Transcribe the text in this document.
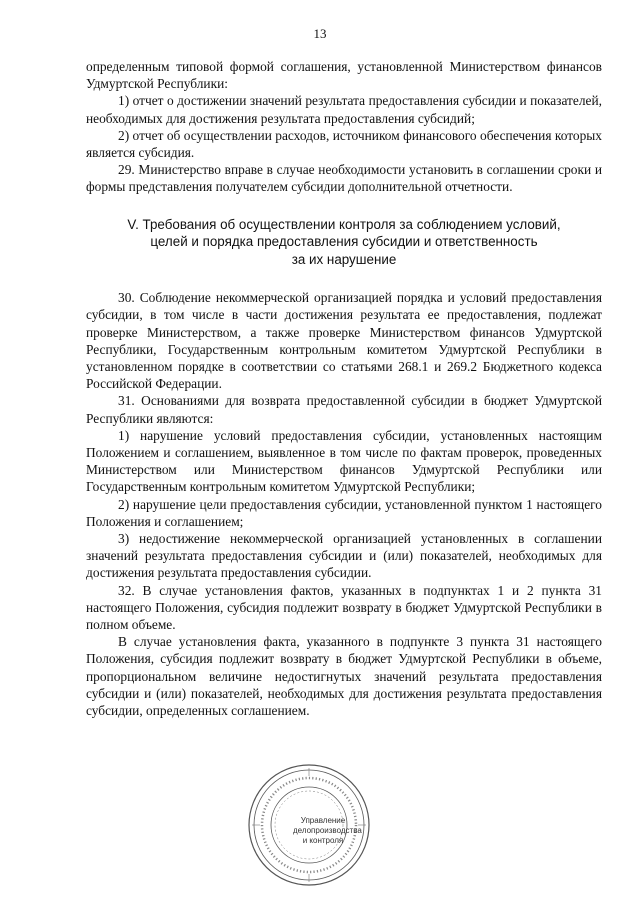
13

определенным типовой формой соглашения, установленной Министерством финансов Удмуртской Республики:

1) отчет о достижении значений результата предоставления субсидии и показателей, необходимых для достижения результата предоставления субсидий;

2) отчет об осуществлении расходов, источником финансового обеспечения которых является субсидия.

29. Министерство вправе в случае необходимости установить в соглашении сроки и формы представления получателем субсидии дополнительной отчетности.

V. Требования об осуществлении контроля за соблюдением условий,
целей и порядка предоставления субсидии и ответственность
за их нарушение

30. Соблюдение некоммерческой организацией порядка и условий предоставления субсидии, в том числе в части достижения результата ее предоставления, подлежат проверке Министерством, а также проверке Министерством финансов Удмуртской Республики, Государственным контрольным комитетом Удмуртской Республики в установленном порядке в соответствии со статьями 268.1 и 269.2 Бюджетного кодекса Российской Федерации.

31. Основаниями для возврата предоставленной субсидии в бюджет Удмуртской Республики являются:

1) нарушение условий предоставления субсидии, установленных настоящим Положением и соглашением, выявленное в том числе по фактам проверок, проведенных Министерством или Министерством финансов Удмуртской Республики или Государственным контрольным комитетом Удмуртской Республики;

2) нарушение цели предоставления субсидии, установленной пунктом 1 настоящего Положения и соглашением;

3) недостижение некоммерческой организацией установленных в соглашении значений результата предоставления субсидии и (или) показателей, необходимых для достижения результата предоставления субсидии.

32. В случае установления фактов, указанных в подпунктах 1 и 2 пункта 31 настоящего Положения, субсидия подлежит возврату в бюджет Удмуртской Республики в полном объеме.

В случае установления факта, указанного в подпункте 3 пункта 31 настоящего Положения, субсидия подлежит возврату в бюджет Удмуртской Республики в объеме, пропорциональном величине недостигнутых значений результата предоставления субсидии и (или) показателей, необходимых для достижения результата предоставления субсидии, определенных соглашением.

Управление
делопроизводства
и контроля
